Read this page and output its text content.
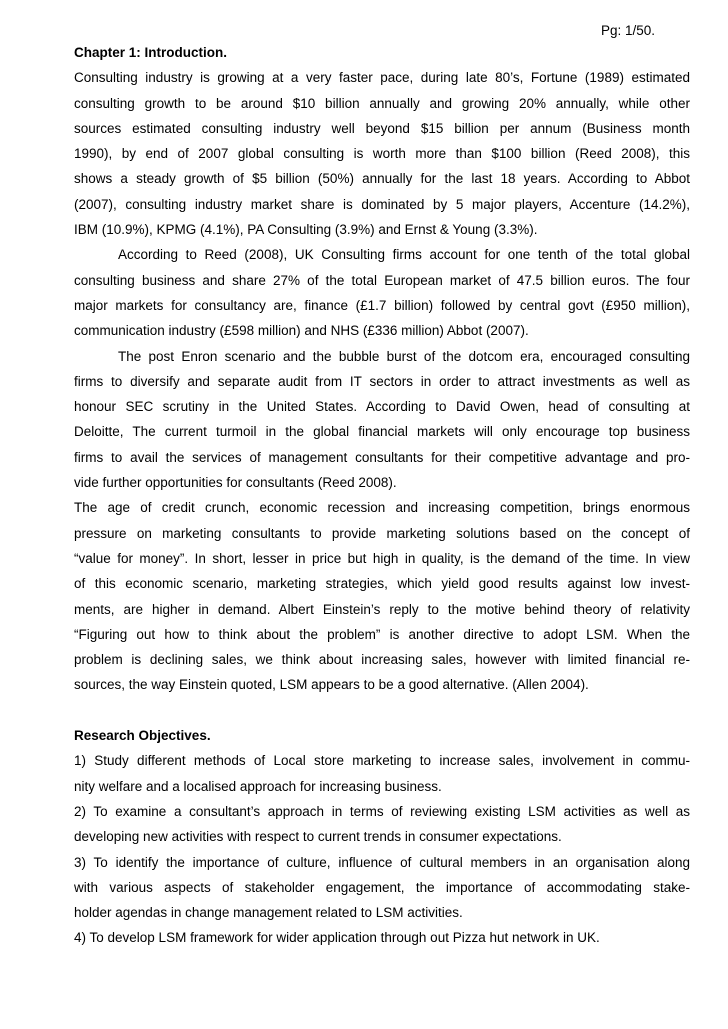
Pg: 1/50.
Chapter 1: Introduction.
Consulting industry is growing at a very faster pace, during late 80’s, Fortune (1989) estimated
consulting growth to be around $10 billion annually and growing 20% annually, while other
sources estimated consulting industry well beyond $15 billion per annum (Business month
1990), by end of 2007 global consulting is worth more than $100 billion (Reed 2008), this
shows a steady growth of $5 billion (50%) annually for the last 18 years. According to Abbot
(2007), consulting industry market share is dominated by 5 major players, Accenture (14.2%),
IBM (10.9%), KPMG (4.1%), PA Consulting (3.9%) and Ernst & Young (3.3%).
According to Reed (2008), UK Consulting firms account for one tenth of the total global
consulting business and share 27% of the total European market of 47.5 billion euros. The four
major markets for consultancy are, finance (£1.7 billion) followed by central govt (£950 million),
communication industry (£598 million) and NHS (£336 million) Abbot (2007).
The post Enron scenario and the bubble burst of the dotcom era, encouraged consulting
firms to diversify and separate audit from IT sectors in order to attract investments as well as
honour SEC scrutiny in the United States. According to David Owen, head of consulting at
Deloitte, The current turmoil in the global financial markets will only encourage top business
firms to avail the services of management consultants for their competitive advantage and pro-
vide further opportunities for consultants (Reed 2008).
The age of credit crunch, economic recession and increasing competition, brings enormous
pressure on marketing consultants to provide marketing solutions based on the concept of
“value for money”. In short, lesser in price but high in quality, is the demand of the time. In view
of this economic scenario, marketing strategies, which yield good results against low invest-
ments, are higher in demand. Albert Einstein’s reply to the motive behind theory of relativity
“Figuring out how to think about the problem” is another directive to adopt LSM. When the
problem is declining sales, we think about increasing sales, however with limited financial re-
sources, the way Einstein quoted, LSM appears to be a good alternative. (Allen 2004).
Research Objectives.
1) Study different methods of Local store marketing to increase sales, involvement in commu-
nity welfare and a localised approach for increasing business.
2) To examine a consultant’s approach in terms of reviewing existing LSM activities as well as
developing new activities with respect to current trends in consumer expectations.
3) To identify the importance of culture, influence of cultural members in an organisation along
with various aspects of stakeholder engagement, the importance of accommodating stake-
holder agendas in change management related to LSM activities.
4) To develop LSM framework for wider application through out Pizza hut network in UK.
